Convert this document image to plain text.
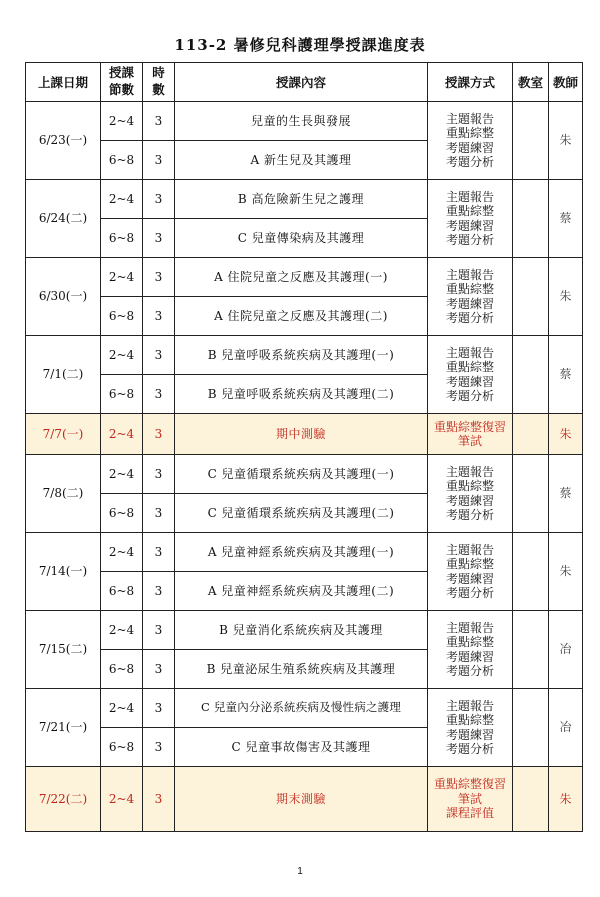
113-2 暑修兒科護理學授課進度表
上課日期	授課
節數	時
數	授課內容	授課方式	教室	教師
6/23(一)	2~4	3	兒童的生長與發展	主題報告
重點綜整
考題練習
考題分析		朱
	6~8	3	A 新生兒及其護理			
6/24(二)	2~4	3	B 高危險新生兒之護理	主題報告
重點綜整
考題練習
考題分析		蔡
	6~8	3	C 兒童傳染病及其護理			
6/30(一)	2~4	3	A 住院兒童之反應及其護理(一)	主題報告
重點綜整
考題練習
考題分析		朱
	6~8	3	A 住院兒童之反應及其護理(二)			
7/1(二)	2~4	3	B 兒童呼吸系統疾病及其護理(一)	主題報告
重點綜整
考題練習
考題分析		蔡
	6~8	3	B 兒童呼吸系統疾病及其護理(二)			
7/7(一)	2~4	3	期中測驗	重點綜整復習
筆試		朱
7/8(二)	2~4	3	C 兒童循環系統疾病及其護理(一)	主題報告
重點綜整
考題練習
考題分析		蔡
	6~8	3	C 兒童循環系統疾病及其護理(二)			
7/14(一)	2~4	3	A 兒童神經系統疾病及其護理(一)	主題報告
重點綜整
考題練習
考題分析		朱
	6~8	3	A 兒童神經系統疾病及其護理(二)			
7/15(二)	2~4	3	B 兒童消化系統疾病及其護理	主題報告
重點綜整
考題練習
考題分析		冶
	6~8	3	B 兒童泌尿生殖系統疾病及其護理			
7/21(一)	2~4	3	C 兒童內分泌系統疾病及慢性病之護理	主題報告
重點綜整
考題練習
考題分析		冶
	6~8	3	C 兒童事故傷害及其護理			
7/22(二)	2~4	3	期末測驗	重點綜整復習
筆試
課程評值		朱
1
